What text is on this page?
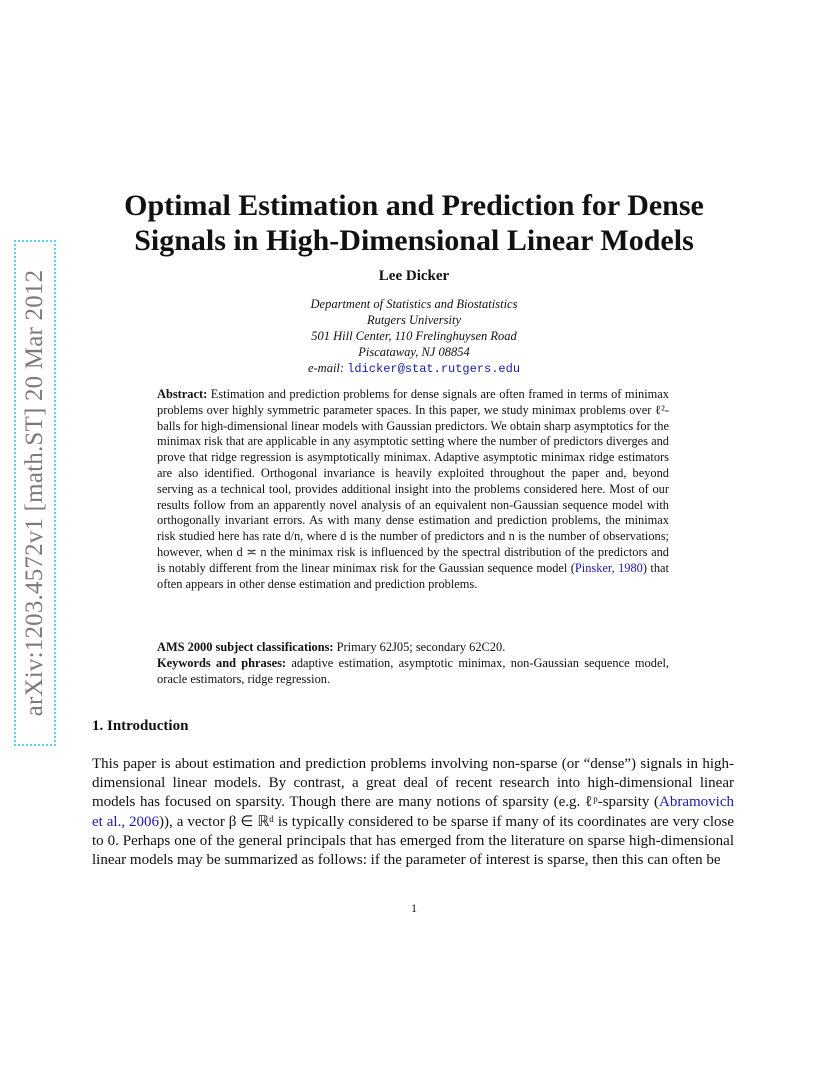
arXiv:1203.4572v1 [math.ST] 20 Mar 2012
Optimal Estimation and Prediction for Dense
Signals in High-Dimensional Linear Models
Lee Dicker
Department of Statistics and Biostatistics
Rutgers University
501 Hill Center, 110 Frelinghuysen Road
Piscataway, NJ 08854
e-mail: ldicker@stat.rutgers.edu
Abstract: Estimation and prediction problems for dense signals are often framed in terms of minimax problems over highly symmetric parameter spaces. In this paper, we study minimax problems over ℓ²-balls for high-dimensional linear models with Gaussian predictors. We obtain sharp asymptotics for the minimax risk that are applicable in any asymptotic setting where the number of predictors diverges and prove that ridge regression is asymptotically minimax. Adaptive asymptotic minimax ridge estimators are also identified. Orthogonal invariance is heavily exploited throughout the paper and, beyond serving as a technical tool, provides additional insight into the problems considered here. Most of our results follow from an apparently novel analysis of an equivalent non-Gaussian sequence model with orthogonally invariant errors. As with many dense estimation and prediction problems, the minimax risk studied here has rate d/n, where d is the number of predictors and n is the number of observations; however, when d ≍ n the minimax risk is influenced by the spectral distribution of the predictors and is notably different from the linear minimax risk for the Gaussian sequence model (Pinsker, 1980) that often appears in other dense estimation and prediction problems.
AMS 2000 subject classifications: Primary 62J05; secondary 62C20.
Keywords and phrases: adaptive estimation, asymptotic minimax, non-Gaussian sequence model, oracle estimators, ridge regression.
1. Introduction
This paper is about estimation and prediction problems involving non-sparse (or “dense”) signals in high-dimensional linear models. By contrast, a great deal of recent research into high-dimensional linear models has focused on sparsity. Though there are many notions of sparsity (e.g. ℓᵖ-sparsity (Abramovich et al., 2006)), a vector β ∈ ℝᵈ is typically considered to be sparse if many of its coordinates are very close to 0. Perhaps one of the general principals that has emerged from the literature on sparse high-dimensional linear models may be summarized as follows: if the parameter of interest is sparse, then this can often be
1
